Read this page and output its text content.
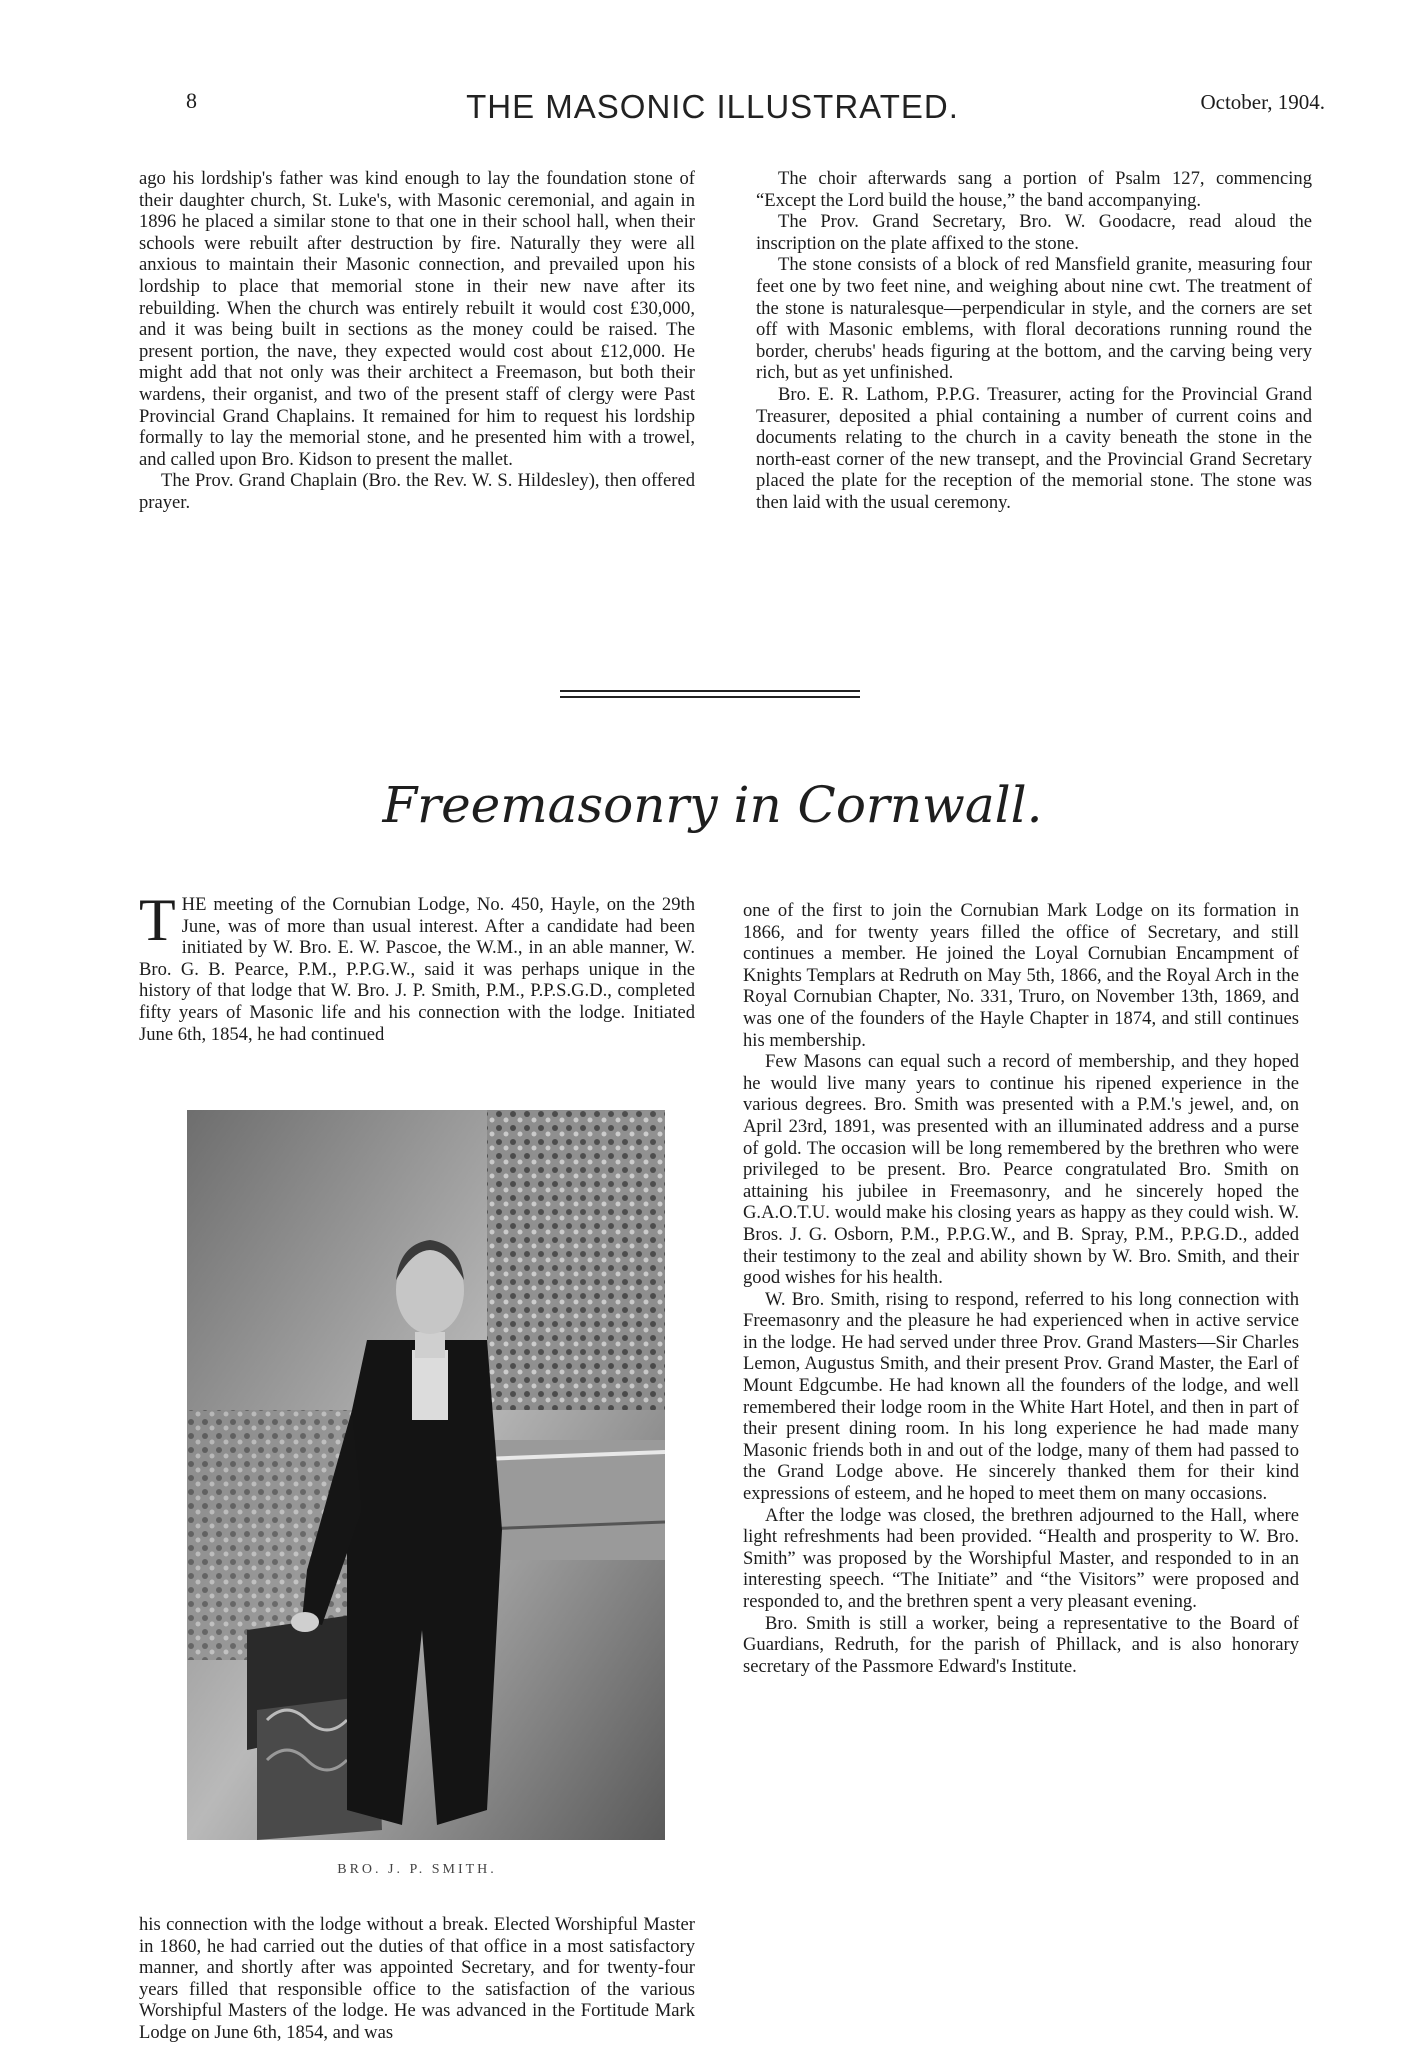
8	THE MASONIC ILLUSTRATED.	October, 1904.

ago his lordship's father was kind enough to lay the foundation stone of their daughter church, St. Luke's, with Masonic ceremonial, and again in 1896 he placed a similar stone to that one in their school hall, when their schools were rebuilt after destruction by fire. Naturally they were all anxious to maintain their Masonic connection, and prevailed upon his lordship to place that memorial stone in their new nave after its rebuilding. When the church was entirely rebuilt it would cost £30,000, and it was being built in sections as the money could be raised. The present portion, the nave, they expected would cost about £12,000. He might add that not only was their architect a Freemason, but both their wardens, their organist, and two of the present staff of clergy were Past Provincial Grand Chaplains. It remained for him to request his lordship formally to lay the memorial stone, and he presented him with a trowel, and called upon Bro. Kidson to present the mallet.

The Prov. Grand Chaplain (Bro. the Rev. W. S. Hildesley), then offered prayer.

The choir afterwards sang a portion of Psalm 127, commencing “Except the Lord build the house,” the band accompanying.

The Prov. Grand Secretary, Bro. W. Goodacre, read aloud the inscription on the plate affixed to the stone.

The stone consists of a block of red Mansfield granite, measuring four feet one by two feet nine, and weighing about nine cwt. The treatment of the stone is naturalesque—perpendicular in style, and the corners are set off with Masonic emblems, with floral decorations running round the border, cherubs' heads figuring at the bottom, and the carving being very rich, but as yet unfinished.

Bro. E. R. Lathom, P.P.G. Treasurer, acting for the Provincial Grand Treasurer, deposited a phial containing a number of current coins and documents relating to the church in a cavity beneath the stone in the north-east corner of the new transept, and the Provincial Grand Secretary placed the plate for the reception of the memorial stone. The stone was then laid with the usual ceremony.

Freemasonry in Cornwall.

THE meeting of the Cornubian Lodge, No. 450, Hayle, on the 29th June, was of more than usual interest. After a candidate had been initiated by W. Bro. E. W. Pascoe, the W.M., in an able manner, W. Bro. G. B. Pearce, P.M., P.P.G.W., said it was perhaps unique in the history of that lodge that W. Bro. J. P. Smith, P.M., P.P.S.G.D., completed fifty years of Masonic life and his connection with the lodge. Initiated June 6th, 1854, he had continued

BRO. J. P. SMITH.

his connection with the lodge without a break. Elected Worshipful Master in 1860, he had carried out the duties of that office in a most satisfactory manner, and shortly after was appointed Secretary, and for twenty-four years filled that responsible office to the satisfaction of the various Worshipful Masters of the lodge. He was advanced in the Fortitude Mark Lodge on June 6th, 1854, and was

one of the first to join the Cornubian Mark Lodge on its formation in 1866, and for twenty years filled the office of Secretary, and still continues a member. He joined the Loyal Cornubian Encampment of Knights Templars at Redruth on May 5th, 1866, and the Royal Arch in the Royal Cornubian Chapter, No. 331, Truro, on November 13th, 1869, and was one of the founders of the Hayle Chapter in 1874, and still continues his membership.

Few Masons can equal such a record of membership, and they hoped he would live many years to continue his ripened experience in the various degrees. Bro. Smith was presented with a P.M.'s jewel, and, on April 23rd, 1891, was presented with an illuminated address and a purse of gold. The occasion will be long remembered by the brethren who were privileged to be present. Bro. Pearce congratulated Bro. Smith on attaining his jubilee in Freemasonry, and he sincerely hoped the G.A.O.T.U. would make his closing years as happy as they could wish. W. Bros. J. G. Osborn, P.M., P.P.G.W., and B. Spray, P.M., P.P.G.D., added their testimony to the zeal and ability shown by W. Bro. Smith, and their good wishes for his health.

W. Bro. Smith, rising to respond, referred to his long connection with Freemasonry and the pleasure he had experienced when in active service in the lodge. He had served under three Prov. Grand Masters—Sir Charles Lemon, Augustus Smith, and their present Prov. Grand Master, the Earl of Mount Edgcumbe. He had known all the founders of the lodge, and well remembered their lodge room in the White Hart Hotel, and then in part of their present dining room. In his long experience he had made many Masonic friends both in and out of the lodge, many of them had passed to the Grand Lodge above. He sincerely thanked them for their kind expressions of esteem, and he hoped to meet them on many occasions.

After the lodge was closed, the brethren adjourned to the Hall, where light refreshments had been provided. “Health and prosperity to W. Bro. Smith” was proposed by the Worshipful Master, and responded to in an interesting speech. “The Initiate” and “the Visitors” were proposed and responded to, and the brethren spent a very pleasant evening.

Bro. Smith is still a worker, being a representative to the Board of Guardians, Redruth, for the parish of Phillack, and is also honorary secretary of the Passmore Edward's Institute.
